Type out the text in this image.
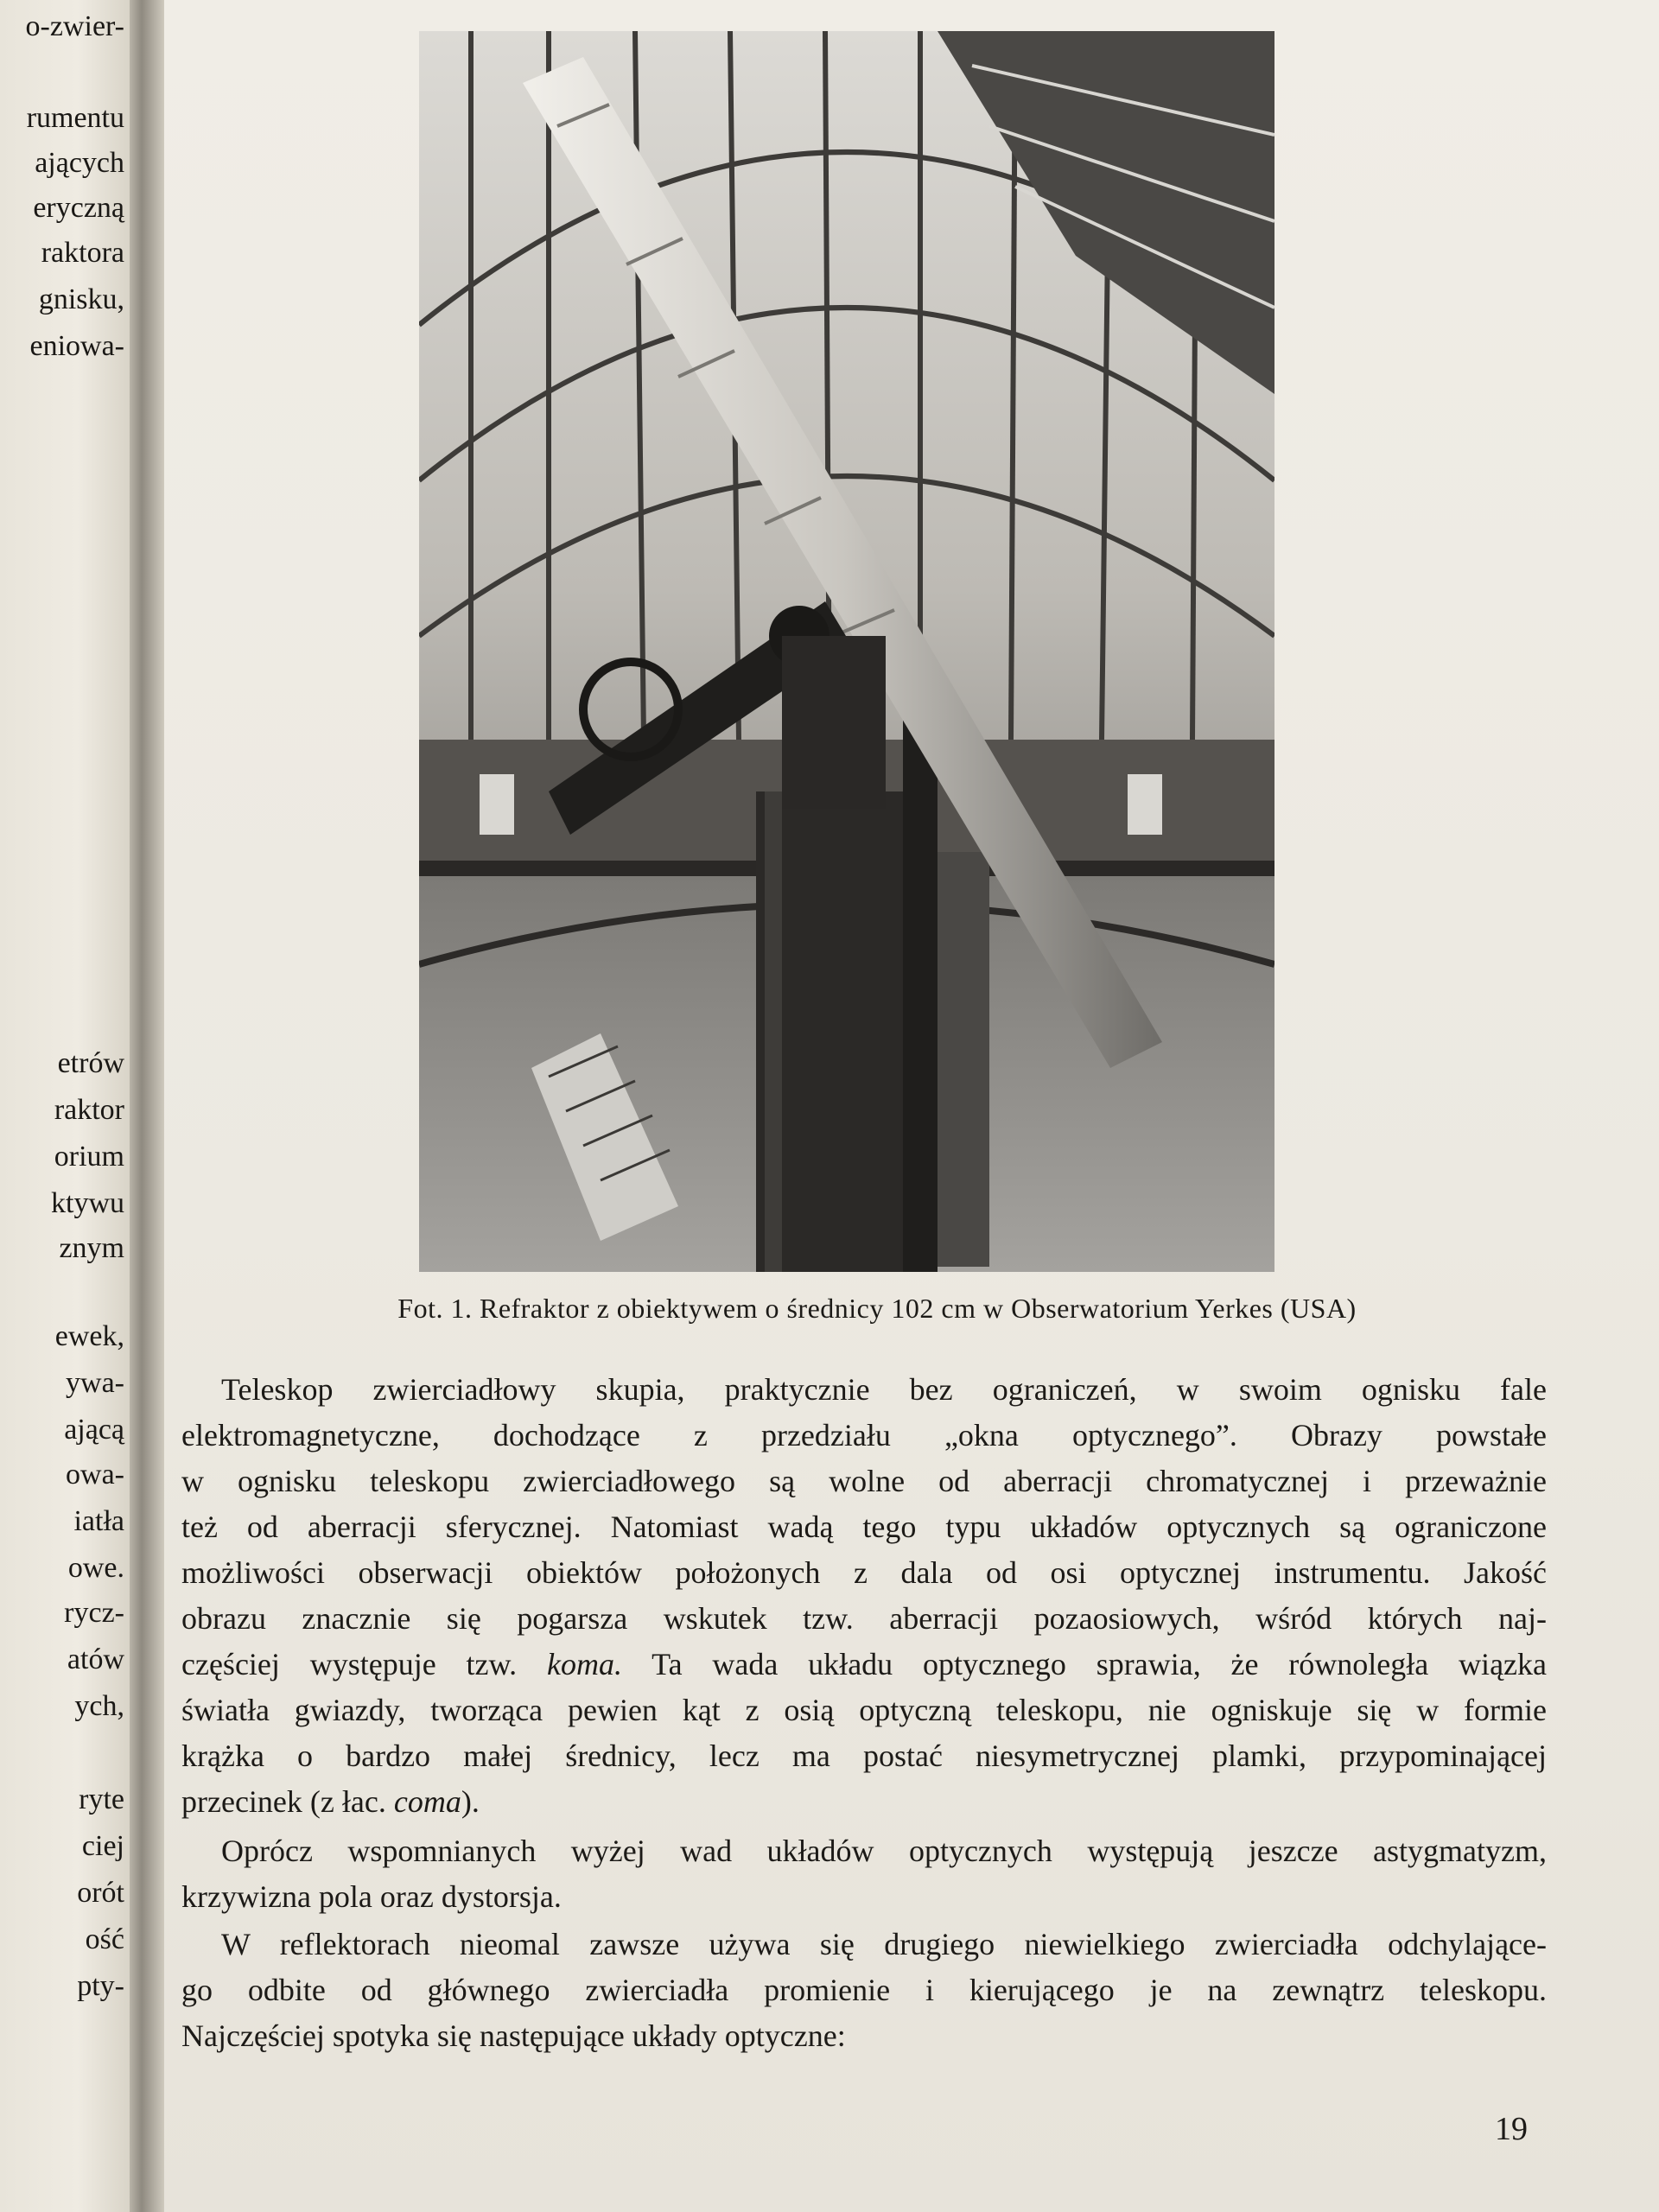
o-zwier-
rumentu
ających
eryczną
raktora
gnisku,
eniowa-
etrów
raktor
orium
ktywu
znym
ewek,
ywa-
ającą
owa-
iatła
owe.
rycz-
atów
ych,
ryte
ciej
orót
ość
pty-
Fot. 1. Refraktor z obiektywem o średnicy 102 cm w Obserwatorium Yerkes (USA)
Teleskop zwierciadłowy skupia, praktycznie bez ograniczeń, w swoim ognisku fale
elektromagnetyczne, dochodzące z przedziału „okna optycznego”. Obrazy powstałe
w ognisku teleskopu zwierciadłowego są wolne od aberracji chromatycznej i przeważnie
też od aberracji sferycznej. Natomiast wadą tego typu układów optycznych są ograniczone
możliwości obserwacji obiektów położonych z dala od osi optycznej instrumentu. Jakość
obrazu znacznie się pogarsza wskutek tzw. aberracji pozaosiowych, wśród których naj-
częściej występuje tzw. koma. Ta wada układu optycznego sprawia, że równoległa wiązka
światła gwiazdy, tworząca pewien kąt z osią optyczną teleskopu, nie ogniskuje się w formie
krążka o bardzo małej średnicy, lecz ma postać niesymetrycznej plamki, przypominającej
przecinek (z łac. coma).
Oprócz wspomnianych wyżej wad układów optycznych występują jeszcze astygmatyzm,
krzywizna pola oraz dystorsja.
W reflektorach nieomal zawsze używa się drugiego niewielkiego zwierciadła odchylające-
go odbite od głównego zwierciadła promienie i kierującego je na zewnątrz teleskopu.
Najczęściej spotyka się następujące układy optyczne:
19
